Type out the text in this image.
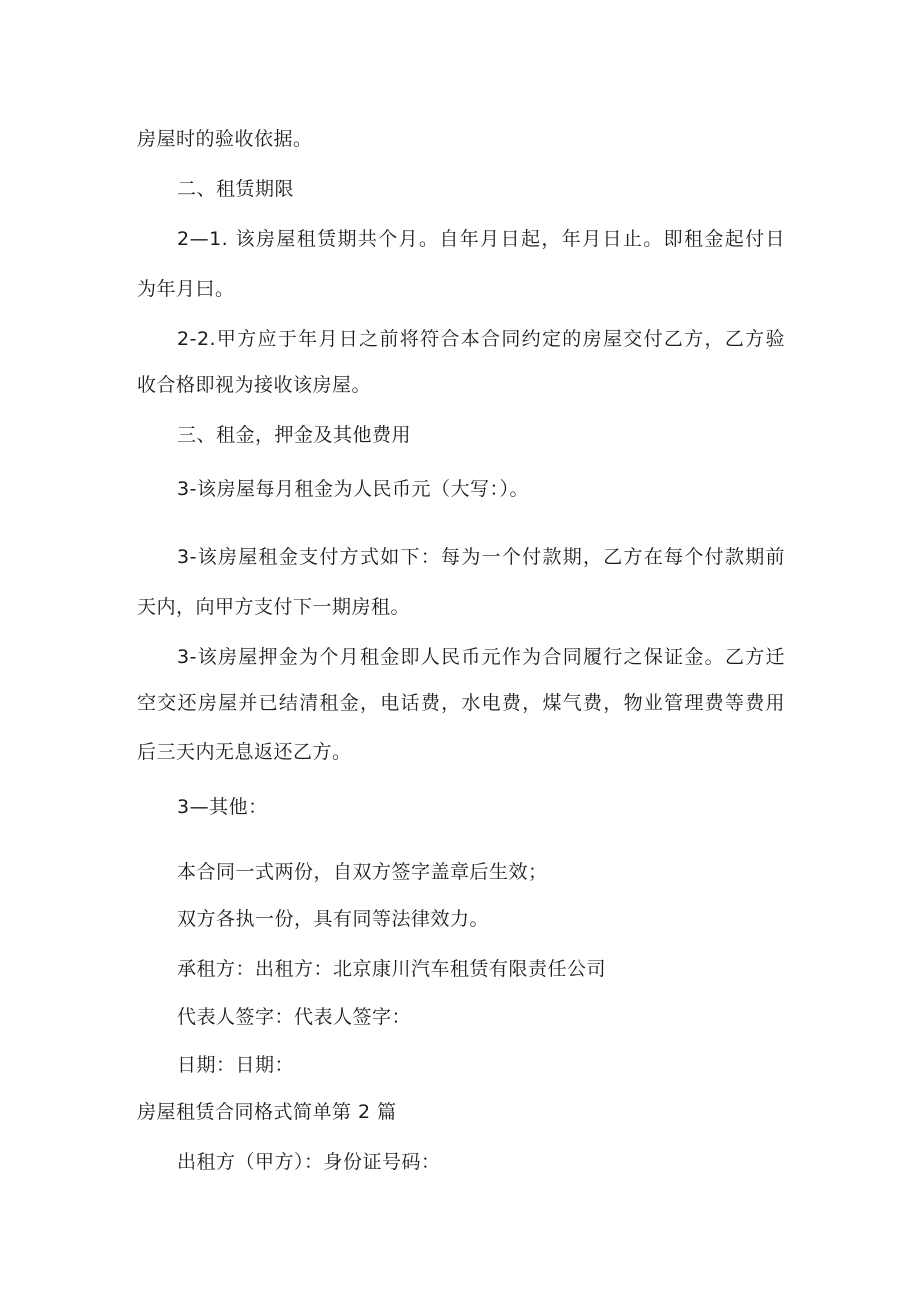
房屋时的验收依据。
二、租赁期限
2—1. 该房屋租赁期共个月。自年月日起，年月日止。即租金起付日
为年月曰。
2-2.甲方应于年月日之前将符合本合同约定的房屋交付乙方，乙方验
收合格即视为接收该房屋。
三、租金，押金及其他费用
3-该房屋每月租金为人民币元（大写：）。
3-该房屋租金支付方式如下：每为一个付款期，乙方在每个付款期前
天内，向甲方支付下一期房租。
3-该房屋押金为个月租金即人民币元作为合同履行之保证金。乙方迁
空交还房屋并已结清租金，电话费，水电费，煤气费，物业管理费等费用
后三天内无息返还乙方。
3—其他：
本合同一式两份，自双方签字盖章后生效；
双方各执一份，具有同等法律效力。
承租方：出租方：北京康川汽车租赁有限责任公司
代表人签字：代表人签字：
日期：日期：
房屋租赁合同格式简单第 2 篇
出租方（甲方）：身份证号码：
